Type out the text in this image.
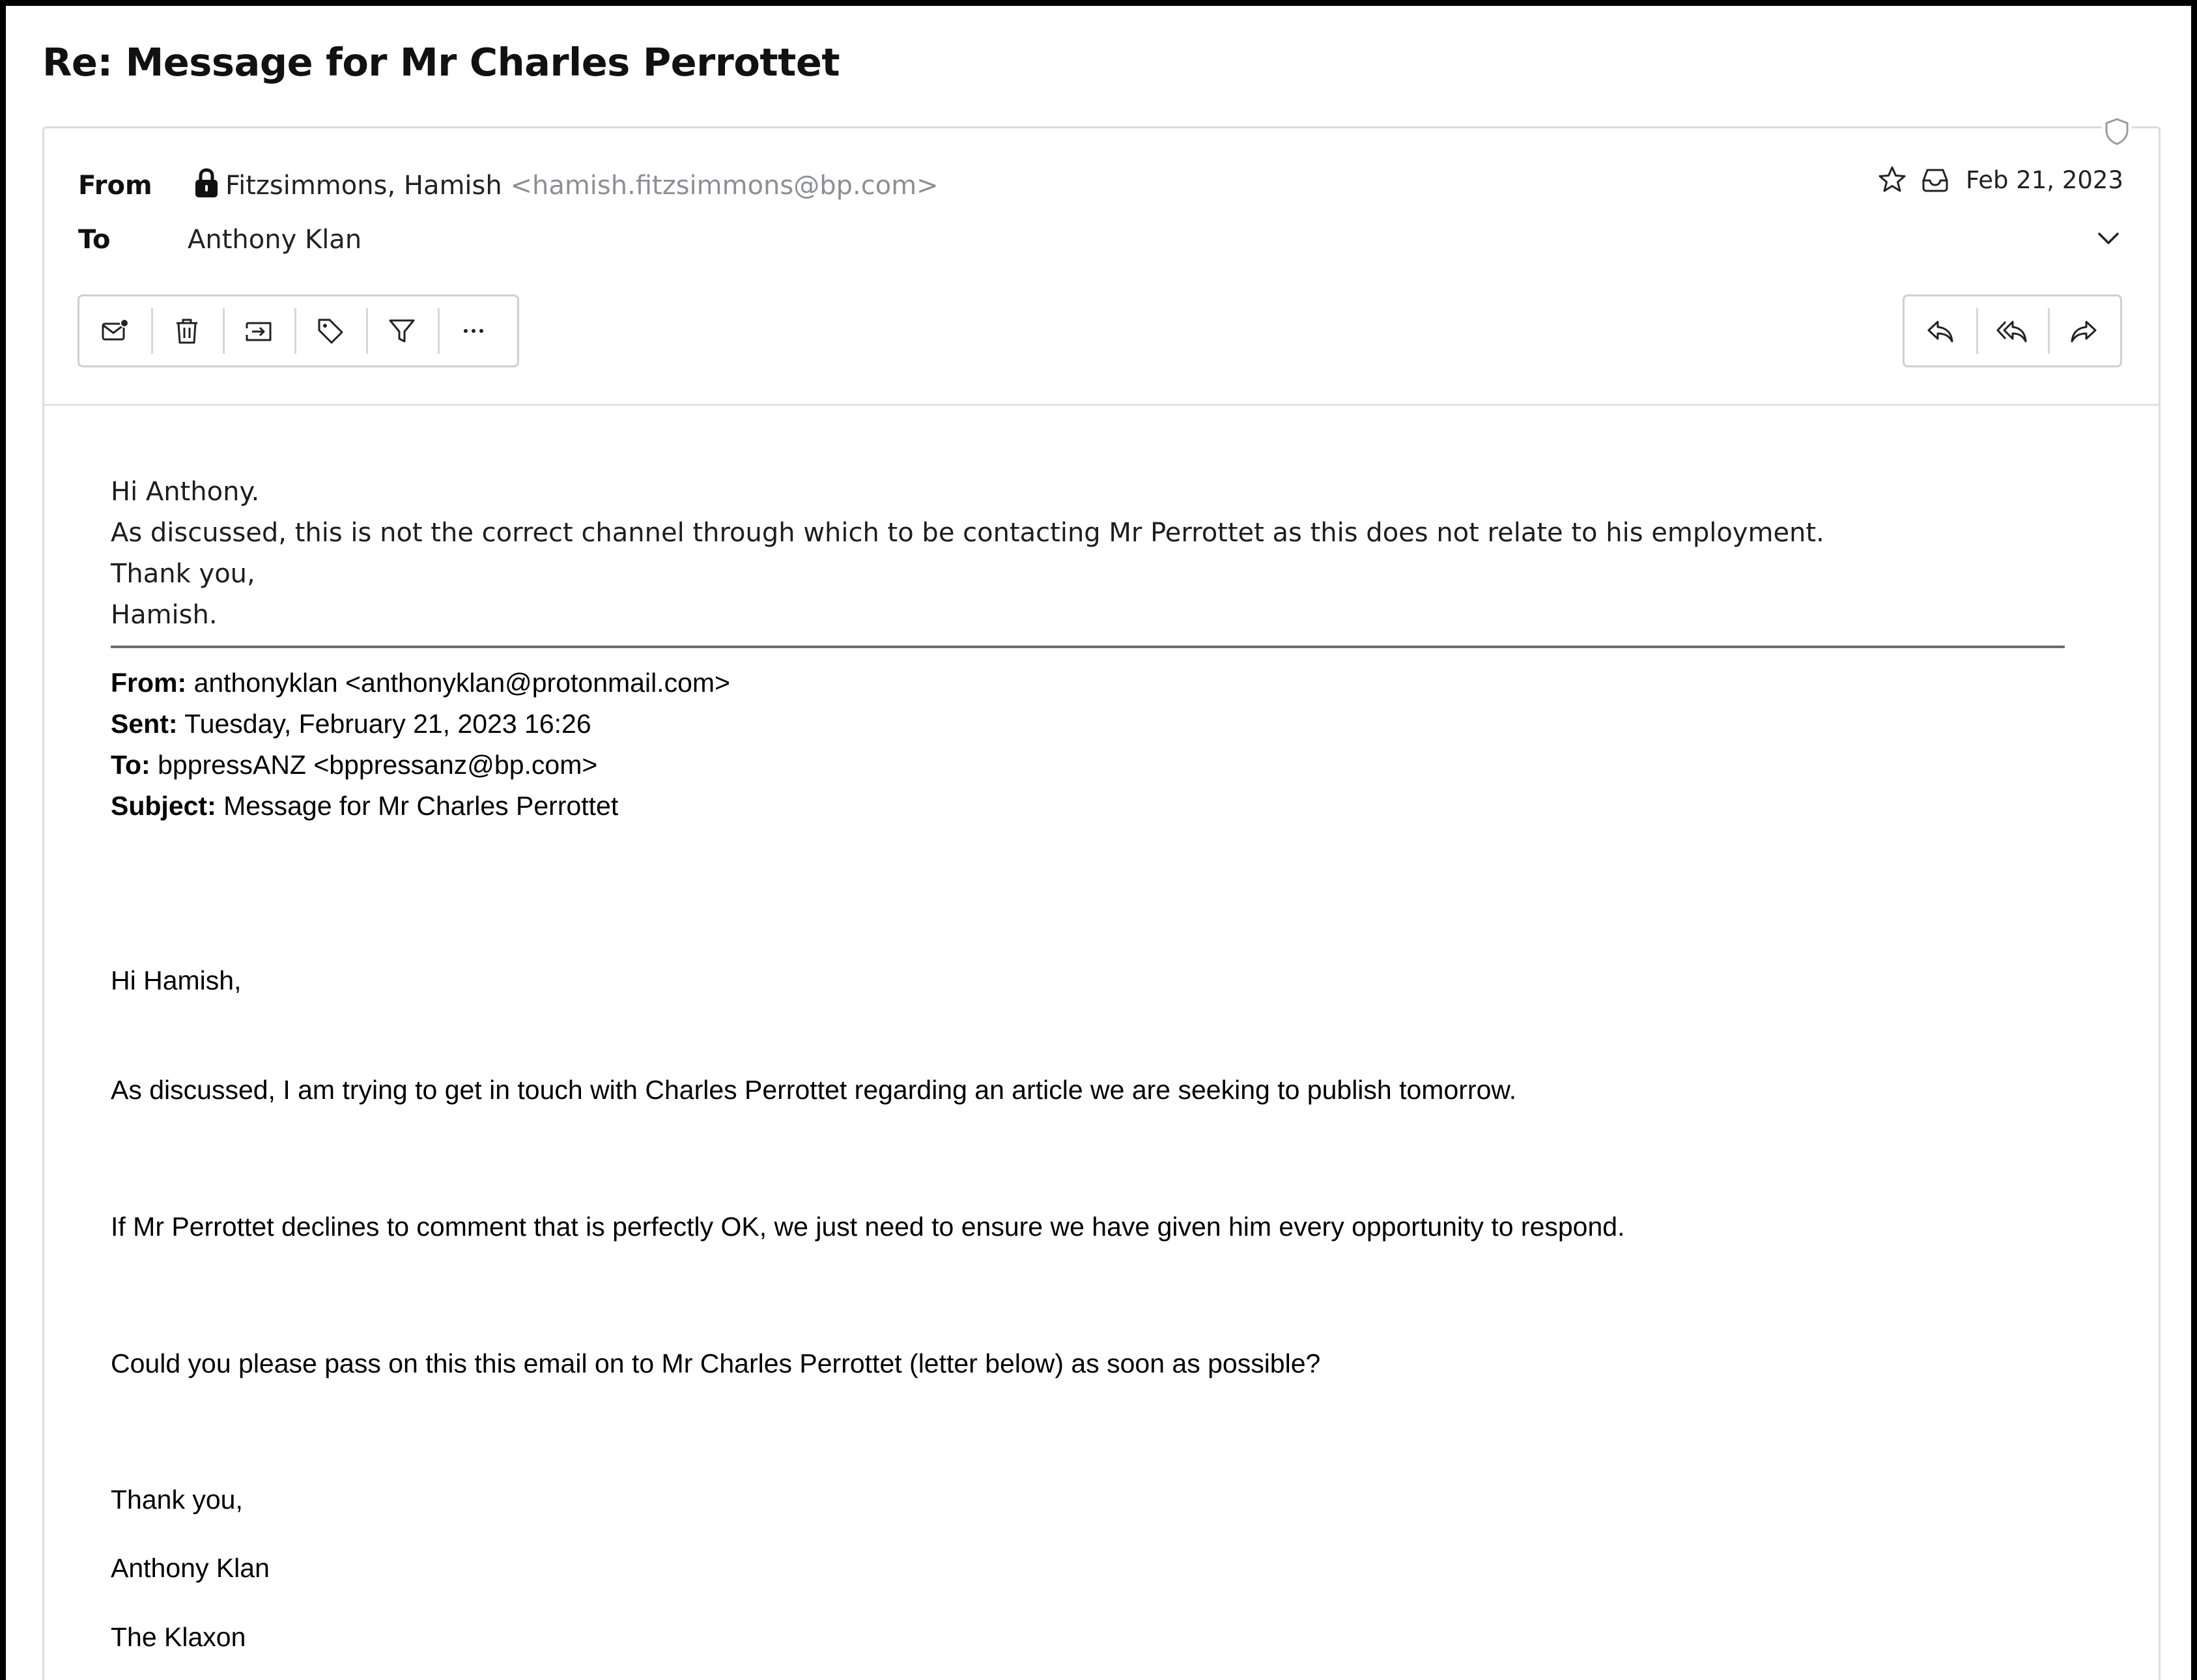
Re: Message for Mr Charles Perrottet
From	Fitzsimmons, Hamish <hamish.fitzsimmons@bp.com>	Feb 21, 2023
To	Anthony Klan
Hi Anthony.
As discussed, this is not the correct channel through which to be contacting Mr Perrottet as this does not relate to his employment.
Thank you,
Hamish.
From: anthonyklan <anthonyklan@protonmail.com>
Sent: Tuesday, February 21, 2023 16:26
To: bppressANZ <bppressanz@bp.com>
Subject: Message for Mr Charles Perrottet
Hi Hamish,
As discussed, I am trying to get in touch with Charles Perrottet regarding an article we are seeking to publish tomorrow.
If Mr Perrottet declines to comment that is perfectly OK, we just need to ensure we have given him every opportunity to respond.
Could you please pass on this this email on to Mr Charles Perrottet (letter below) as soon as possible?
Thank you,
Anthony Klan
The Klaxon
